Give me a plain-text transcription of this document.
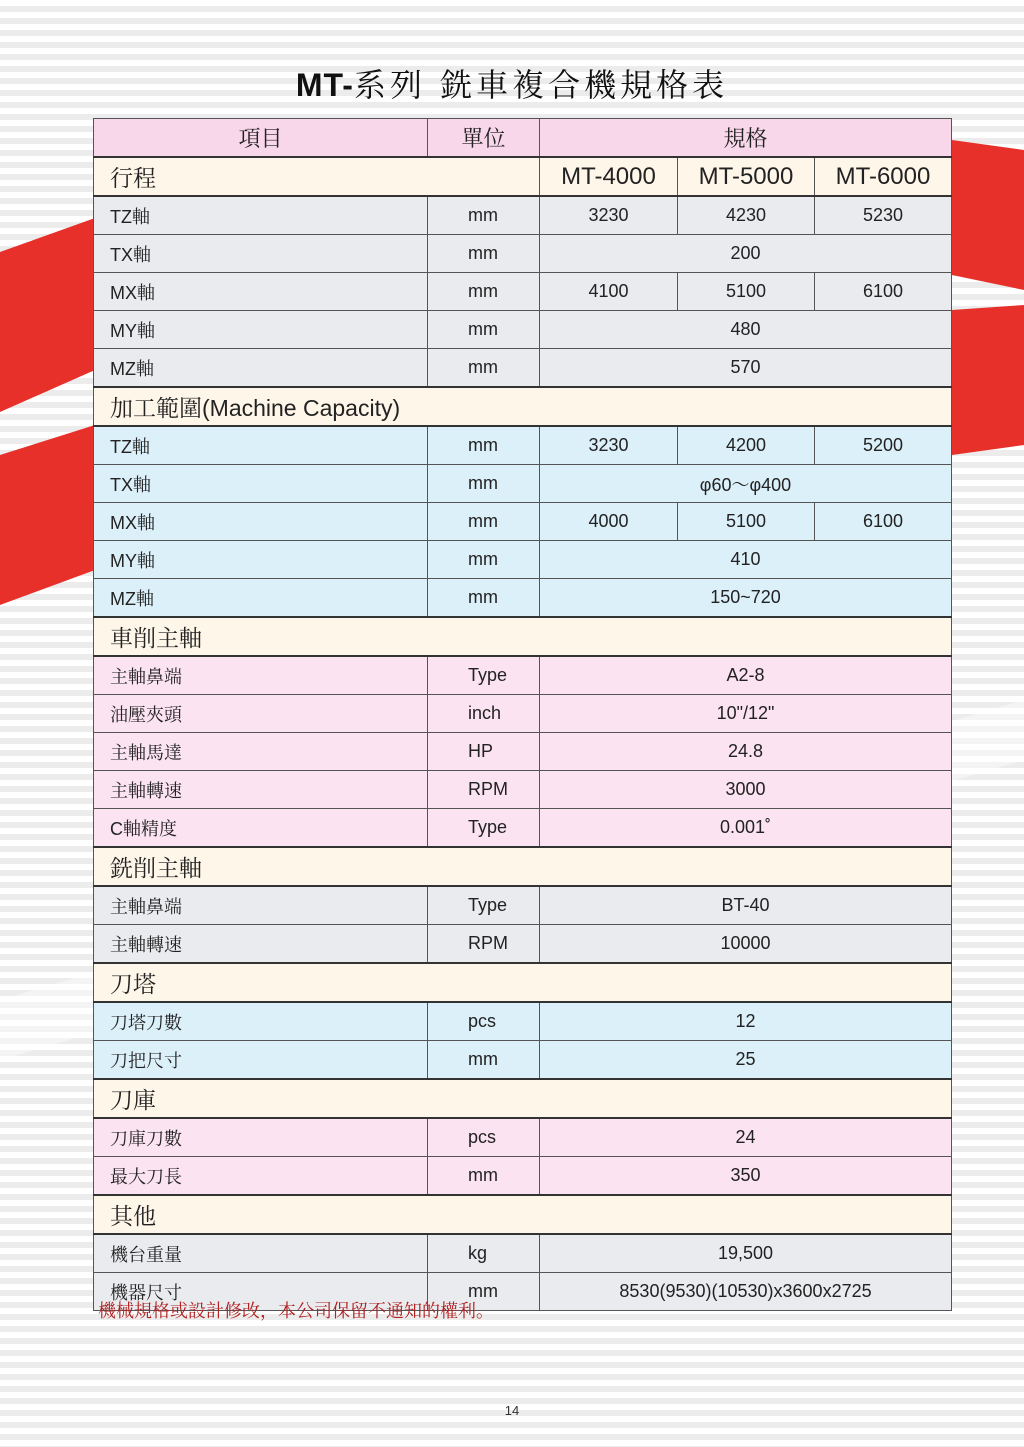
MT-系列 銑車複合機規格表
項目	單位	規格		
行程		MT-4000	MT-5000	MT-6000
TZ軸	mm	3230	4230	5230
TX軸	mm	200		
MX軸	mm	4100	5100	6100
MY軸	mm	480		
MZ軸	mm	570		
加工範圍(Machine Capacity)				
TZ軸	mm	3230	4200	5200
TX軸	mm	φ60～φ400		
MX軸	mm	4000	5100	6100
MY軸	mm	410		
MZ軸	mm	150~720		
車削主軸				
主軸鼻端	Type	A2-8		
油壓夾頭	inch	10"/12"		
主軸馬達	HP	24.8		
主軸轉速	RPM	3000		
C軸精度	Type	0.001˚		
銑削主軸				
主軸鼻端	Type	BT-40		
主軸轉速	RPM	10000		
刀塔				
刀塔刀數	pcs	12		
刀把尺寸	mm	25		
刀庫				
刀庫刀數	pcs	24		
最大刀長	mm	350		
其他				
機台重量	kg	19,500		
機器尺寸	mm	8530(9530)(10530)x3600x2725		
機械規格或設計修改，本公司保留不通知的權利。
14
